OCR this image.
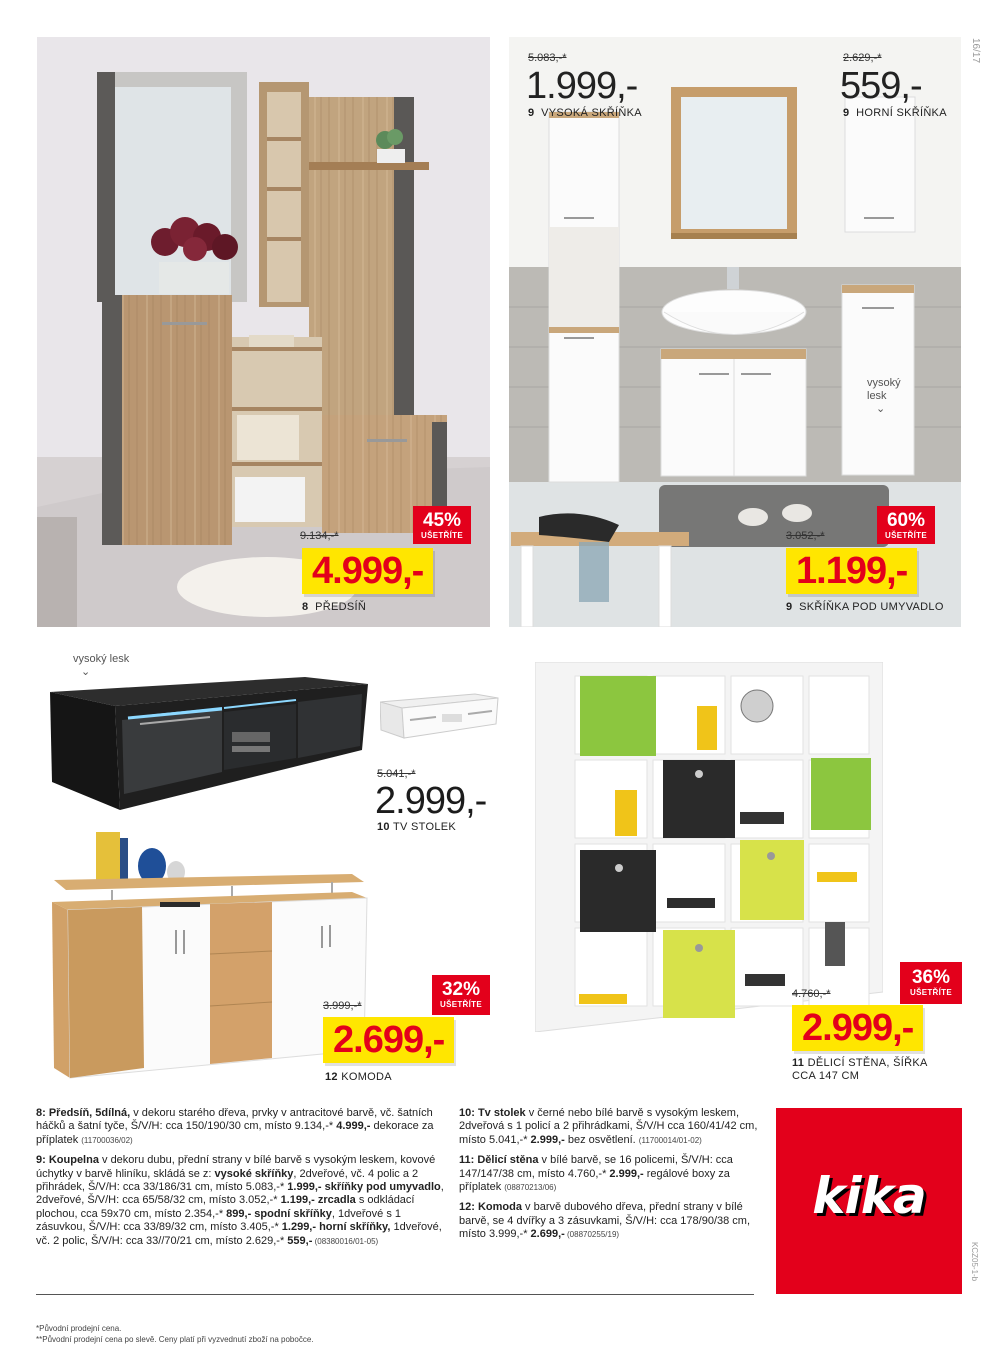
16/17
9.134,-*
45%
UŠETŘÍTE
4.999,-
8 PŘEDSÍŇ
5.083,-*
1.999,-
9 VYSOKÁ SKŘÍŇKA
2.629,-*
559,-
9 HORNÍ SKŘÍŇKA
vysoký lesk
⌄
3.052,-*
60%
UŠETŘÍTE
1.199,-
9 SKŘÍŇKA POD UMYVADLO
vysoký lesk
⌄
5.041,-*
2.999,-
10 TV STOLEK
4.760,-*
36%
UŠETŘÍTE
2.999,-
11 DĚLICÍ STĚNA, ŠÍŘKA
CCA 147 CM
3.999,-*
32%
UŠETŘÍTE
2.699,-
12 KOMODA

8: Předsíň, 5dílná, v dekoru starého dřeva, prvky v antracitové barvě, vč. šatních háčků a šatní tyče, Š/V/H: cca 150/190/30 cm, místo 9.134,-* 4.999,- dekorace za příplatek (11700036/02)

9: Koupelna v dekoru dubu, přední strany v bílé barvě s vysokým leskem, kovové úchytky v barvě hliníku, skládá se z: vysoké skříňky, 2dveřové, vč. 4 polic a 2 přihrádek, Š/V/H: cca 33/186/31 cm, místo 5.083,-* 1.999,- skříňky pod umyvadlo, 2dveřové, Š/V/H: cca 65/58/32 cm, místo 3.052,-* 1.199,- zrcadla s odkládací plochou, cca 59x70 cm, místo 2.354,-* 899,- spodní skříňky, 1dveřové s 1 zásuvkou, Š/V/H: cca 33/89/32 cm, místo 3.405,-* 1.299,- horní skříňky, 1dveřové, vč. 2 polic, Š/V/H: cca 33//70/21 cm, místo 2.629,-* 559,- (08380016/01-05)

10: Tv stolek v černé nebo bílé barvě s vysokým leskem, 2dveřová s 1 policí a 2 přihrádkami, Š/V/H cca 160/41/42 cm, místo 5.041,-* 2.999,- bez osvětlení. (11700014/01-02)

11: Dělicí stěna v bílé barvě, se 16 policemi, Š/V/H: cca 147/147/38 cm, místo 4.760,-* 2.999,- regálové boxy za příplatek (08870213/06)

12: Komoda v barvě dubového dřeva, přední strany v bílé barvě, se 4 dvířky a 3 zásuvkami, Š/V/H: cca 178/90/38 cm, místo 3.999,-* 2.699,- (08870255/19)

kika
*Původní prodejní cena.
**Původní prodejní cena po slevě. Ceny platí při vyzvednutí zboží na pobočce.
KCZ05-1-b
